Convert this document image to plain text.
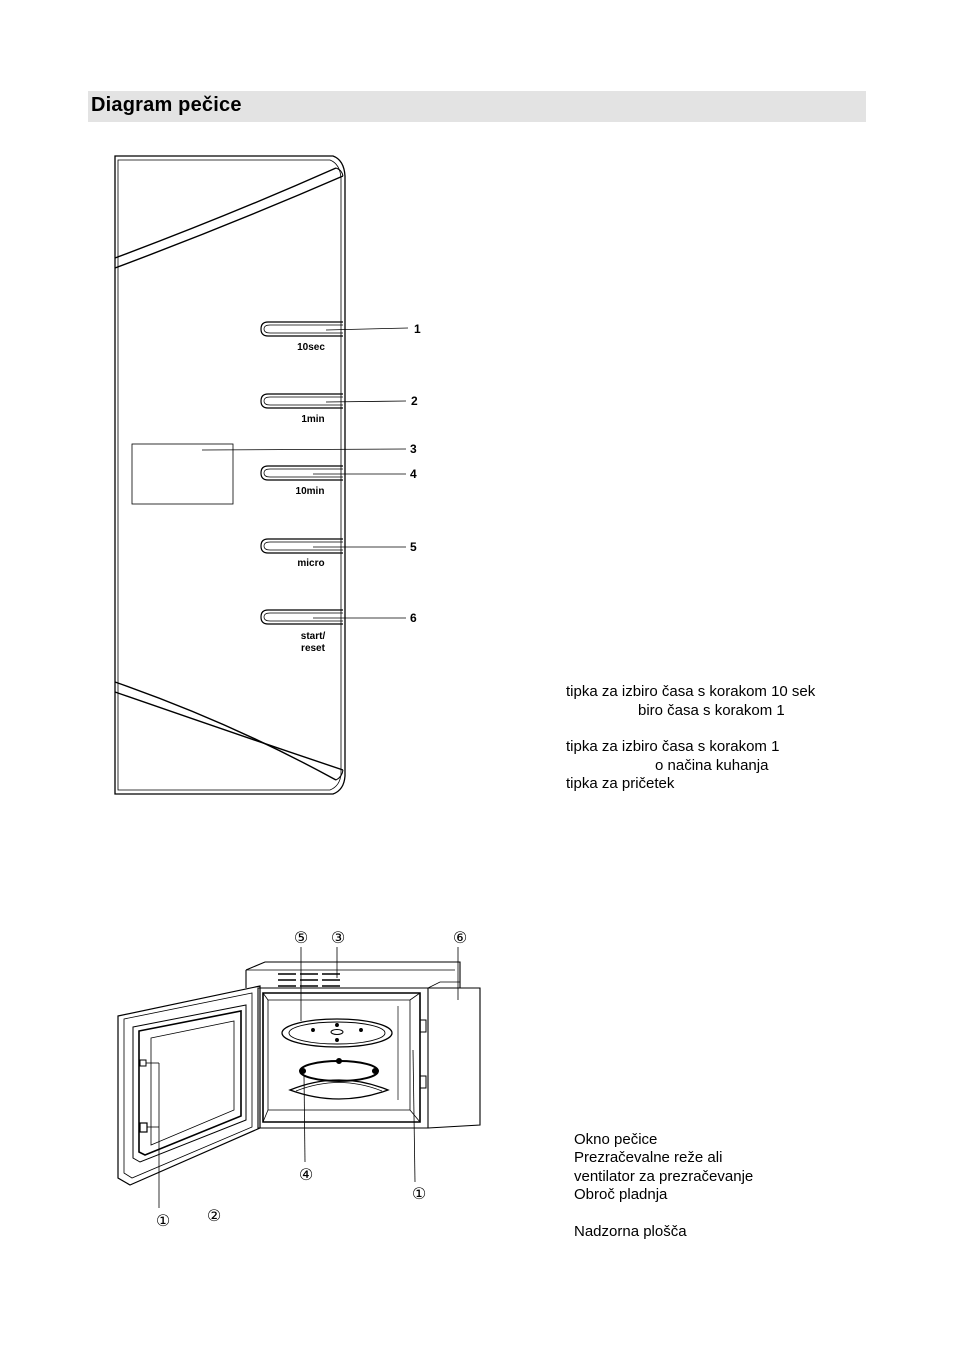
Diagram pečice
10sec
1min
10min
micro
start/
reset
1
2
3
4
5
6
① ②
③
④
⑤	⑥
①
tipka za izbiro časa s korakom 10 sek
biro časa s korakom 1
tipka za izbiro časa s korakom 1
o načina kuhanja
tipka za pričetek
Okno pečice
Prezračevalne reže ali
ventilator za prezračevanje
Obroč pladnja
Nadzorna plošča
